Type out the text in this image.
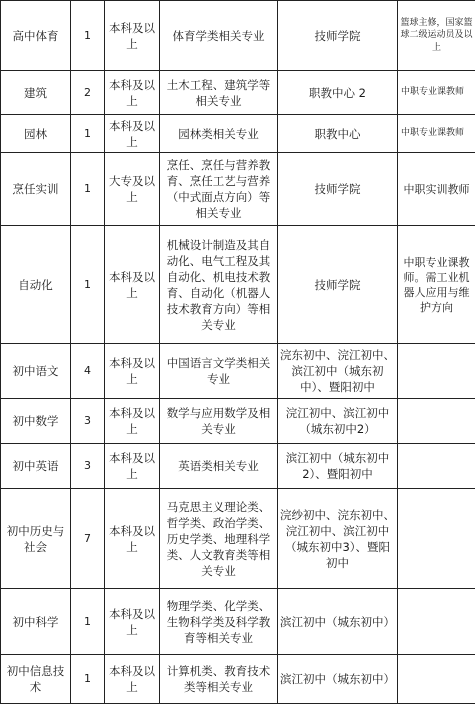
高中体育	1	本科及以上	体育学类相关专业	技师学院	篮球主修，国家篮球二级运动员及以上
建筑	2	本科及以上	土木工程、建筑学等相关专业	职教中心 2	中职专业课教师
园林	1	本科及以上	园林类相关专业	职教中心	中职专业课教师
烹任实训	1	大专及以上	烹任、烹任与营养教育、烹任工艺与营养（中式面点方向）等相关专业	技师学院	中职实训教师
自动化	1	本科及以上	机械设计制造及其自动化、电气工程及其自动化、机电技术教育、自动化（机器人技术教育方向）等相关专业	技师学院	中职专业课教师。需工业机器人应用与维护方向
初中语文	4	本科及以上	中国语言文学类相关专业	浣东初中、浣江初中、滨江初中（城东初中）、暨阳初中	
初中数学	3	本科及以上	数学与应用数学及相关专业	浣江初中、滨江初中（城东初中2）	
初中英语	3	本科及以上	英语类相关专业	滨江初中（城东初中2）、暨阳初中	
初中历史与社会	7	本科及以上	马克思主义理论类、哲学类、政治学类、历史学类、地理科学类、人文教育类等相关专业	浣纱初中、浣东初中、浣江初中、滨江初中（城东初中3）、暨阳初中	
初中科学	1	本科及以上	物理学类、化学类、生物科学类及科学教育等相关专业	滨江初中（城东初中）	
初中信息技术	1	本科及以上	计算机类、教育技术类等相关专业	滨江初中（城东初中）	
